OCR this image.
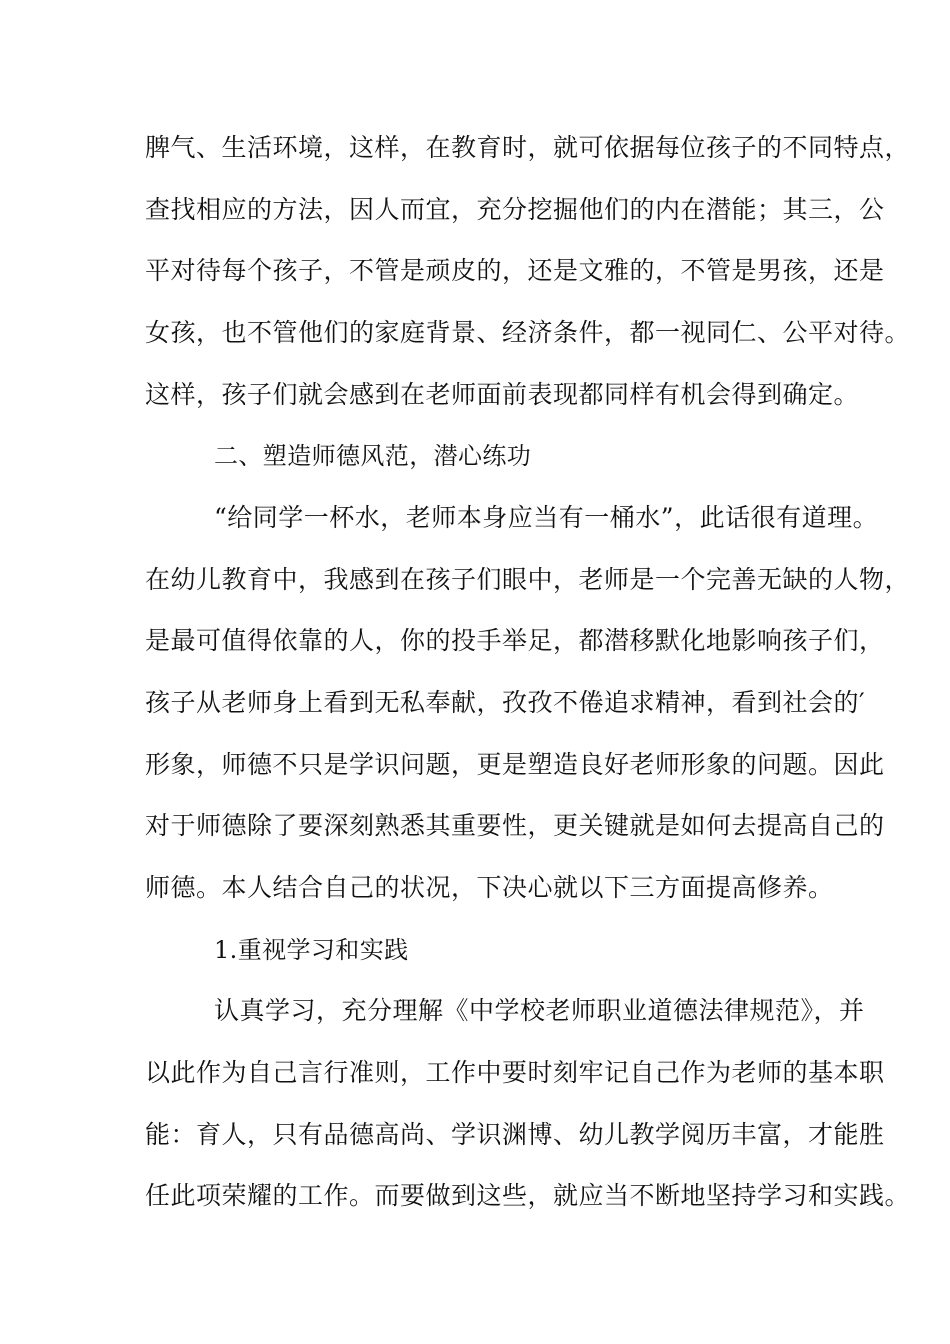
脾气、生活环境，这样，在教育时，就可依据每位孩子的不同特点，
查找相应的方法，因人而宜，充分挖掘他们的内在潜能；其三，公
平对待每个孩子，不管是顽皮的，还是文雅的，不管是男孩，还是
女孩，也不管他们的家庭背景、经济条件，都一视同仁、公平对待。
这样，孩子们就会感到在老师面前表现都同样有机会得到确定。
二、塑造师德风范，潜心练功
“给同学一杯水，老师本身应当有一桶水”，此话很有道理。
在幼儿教育中，我感到在孩子们眼中，老师是一个完善无缺的人物，
是最可值得依靠的人，你的投手举足，都潜移默化地影响孩子们，
孩子从老师身上看到无私奉献，孜孜不倦追求精神，看到社会的′
形象，师德不只是学识问题，更是塑造良好老师形象的问题。因此
对于师德除了要深刻熟悉其重要性，更关键就是如何去提高自己的
师德。本人结合自己的状况，下决心就以下三方面提高修养。
1.重视学习和实践
认真学习，充分理解《中学校老师职业道德法律规范》，并
以此作为自己言行准则，工作中要时刻牢记自己作为老师的基本职
能：育人，只有品德高尚、学识渊博、幼儿教学阅历丰富，才能胜
任此项荣耀的工作。而要做到这些，就应当不断地坚持学习和实践。
